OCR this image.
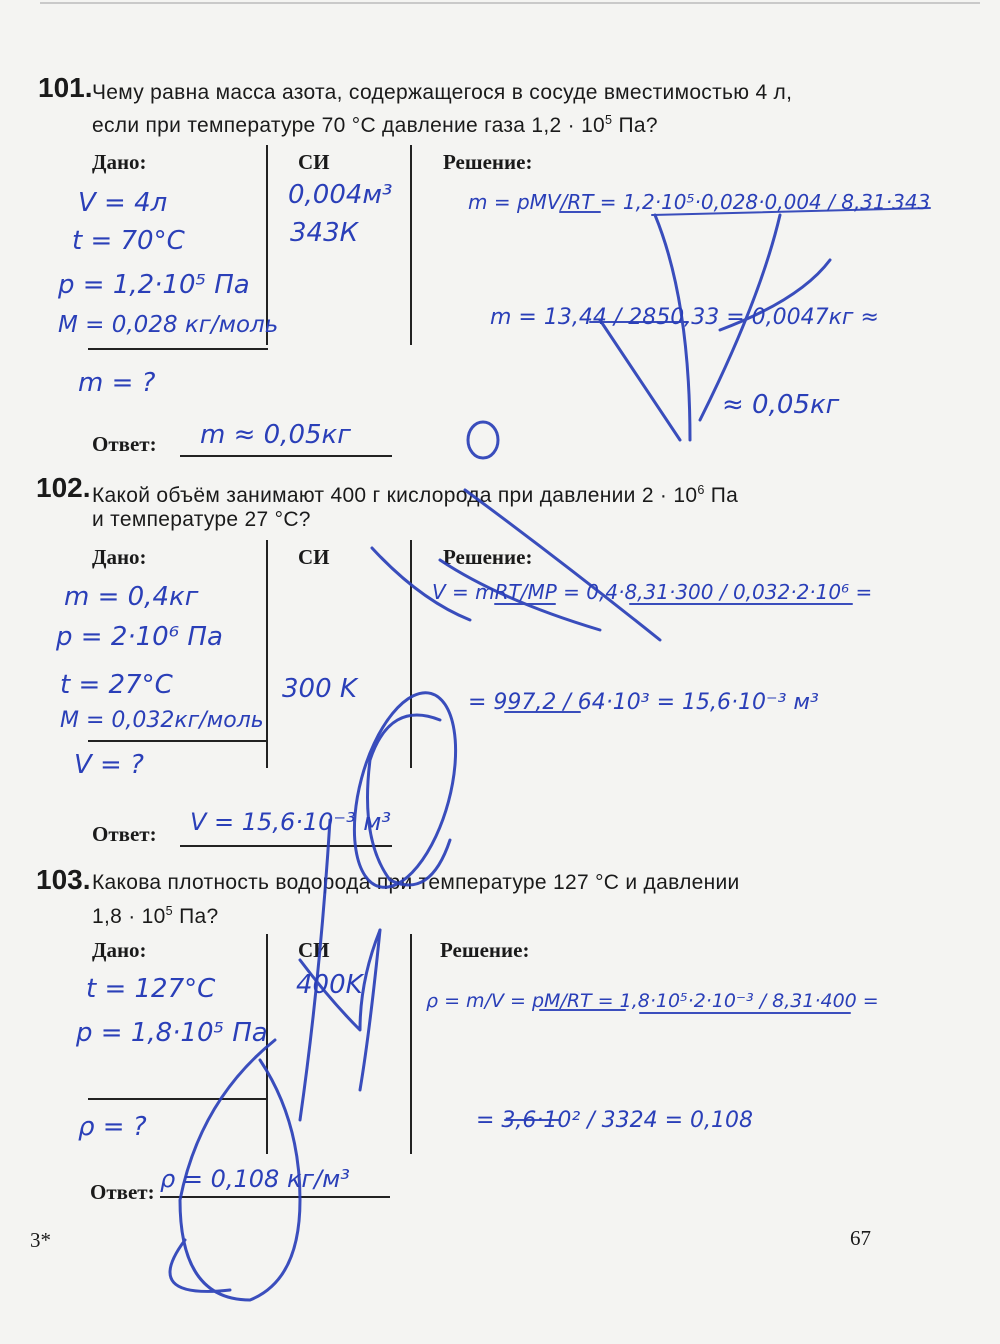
101. Чему равна масса азота, содержащегося в сосуде вместимостью 4 л,
если при температуре 70 °С давление газа $1,2 \cdot 10^5$ Па?
Дано:	СИ	Решение:
V = 4л
t = 70°C
p = 1,2·10⁵ Па
M = 0,028 кг/моль
m = ?
0,004м³
343К
m = pMV/RT = 1,2·10⁵·0,028·0,004 / 8,31·343
m = 13,44 / 2850,33 = 0,0047кг ≈
≈ 0,05кг
Ответ: m ≈ 0,05кг
102. Какой объём занимают 400 г кислорода при давлении $2 \cdot 10^6$ Па
и температуре 27 °С?
Дано:	СИ	Решение:
m = 0,4кг
p = 2·10⁶ Па
t = 27°C
M = 0,032кг/моль
V = ?
300 K
V = mRT/MP = 0,4·8,31·300 / 0,032·2·10⁶ =
= 997,2 / 64·10³ = 15,6·10⁻³ м³
Ответ: V = 15,6·10⁻³ м³
103. Какова плотность водорода при температуре 127 °С и давлении
$1,8 \cdot 10^5$ Па?
Дано:	СИ	Решение:
t = 127°C
p = 1,8·10⁵ Па
ρ = ?
400K
ρ = m/V = pM/RT = 1,8·10⁵·2·10⁻³ / 8,31·400 =
= 3,6·10² / 3324 = 0,108
Ответ: ρ = 0,108 кг/м³
3*	67
